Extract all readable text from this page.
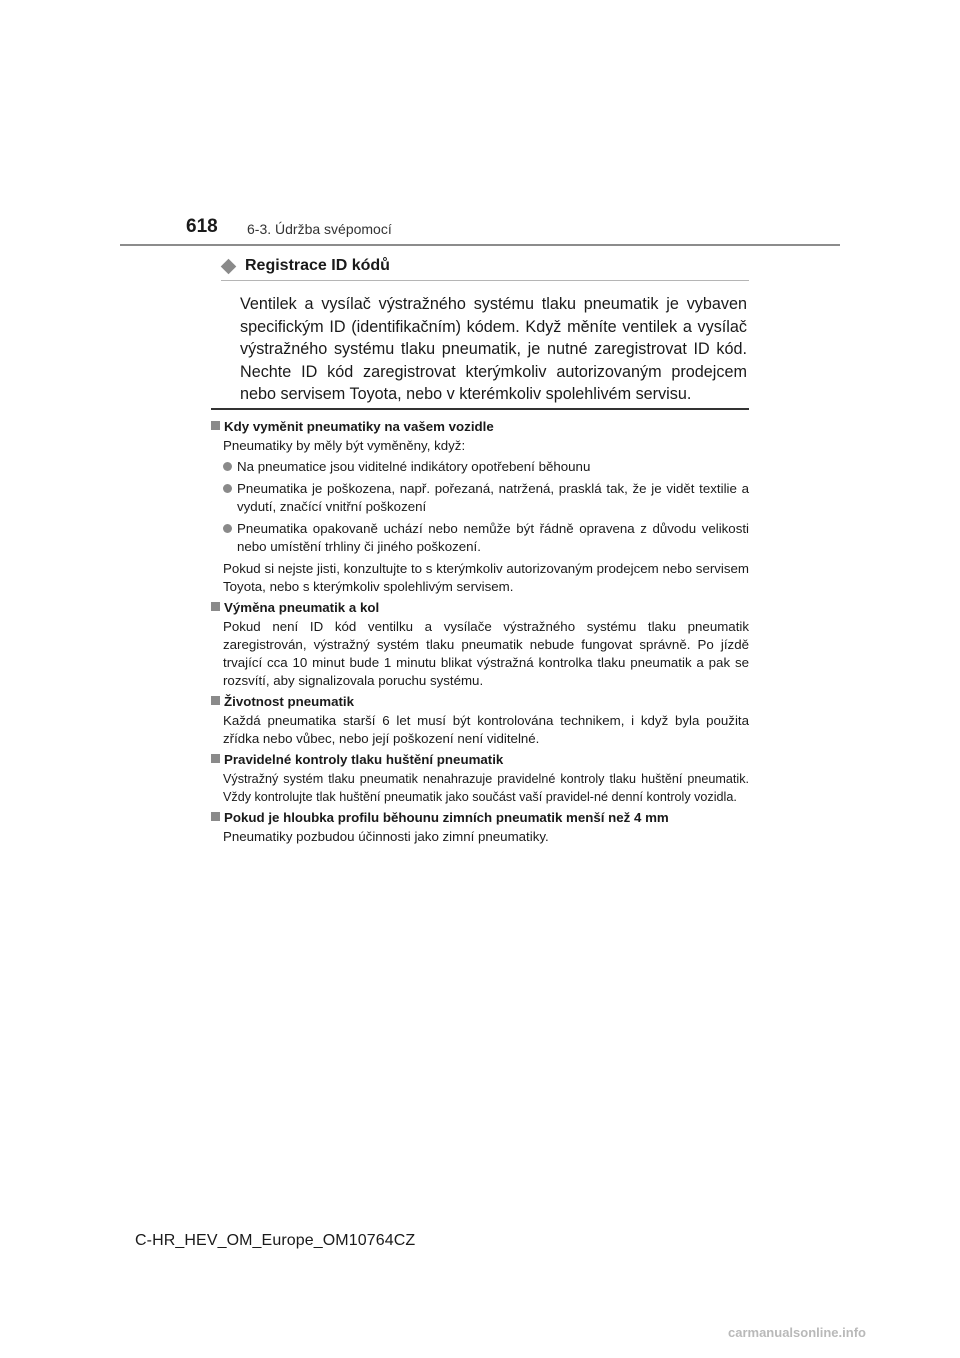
618 6-3. Údržba svépomocí
Registrace ID kódů

Ventilek a vysílač výstražného systému tlaku pneumatik je vybaven specifickým ID (identifikačním) kódem. Když měníte ventilek a vysílač výstražného systému tlaku pneumatik, je nutné zaregistrovat ID kód. Nechte ID kód zaregistrovat kterýmkoliv autorizovaným prodejcem nebo servisem Toyota, nebo v kterémkoliv spolehlivém servisu.

Kdy vyměnit pneumatiky na vašem vozidle
Pneumatiky by měly být vyměněny, když:
Na pneumatice jsou viditelné indikátory opotřebení běhounu
Pneumatika je poškozena, např. pořezaná, natržená, prasklá tak, že je vidět textilie a vydutí, značící vnitřní poškození
Pneumatika opakovaně uchází nebo nemůže být řádně opravena z důvodu velikosti nebo umístění trhliny či jiného poškození.
Pokud si nejste jisti, konzultujte to s kterýmkoliv autorizovaným prodejcem nebo servisem Toyota, nebo s kterýmkoliv spolehlivým servisem.
Výměna pneumatik a kol
Pokud není ID kód ventilku a vysílače výstražného systému tlaku pneumatik zaregistrován, výstražný systém tlaku pneumatik nebude fungovat správně. Po jízdě trvající cca 10 minut bude 1 minutu blikat výstražná kontrolka tlaku pneumatik a pak se rozsvítí, aby signalizovala poruchu systému.
Životnost pneumatik
Každá pneumatika starší 6 let musí být kontrolována technikem, i když byla použita zřídka nebo vůbec, nebo její poškození není viditelné.
Pravidelné kontroly tlaku huštění pneumatik
Výstražný systém tlaku pneumatik nenahrazuje pravidelné kontroly tlaku huštění pneumatik. Vždy kontrolujte tlak huštění pneumatik jako součást vaší pravidel-né denní kontroly vozidla.
Pokud je hloubka profilu běhounu zimních pneumatik menší než 4 mm
Pneumatiky pozbudou účinnosti jako zimní pneumatiky.
C-HR_HEV_OM_Europe_OM10764CZ
carmanualsonline.info
